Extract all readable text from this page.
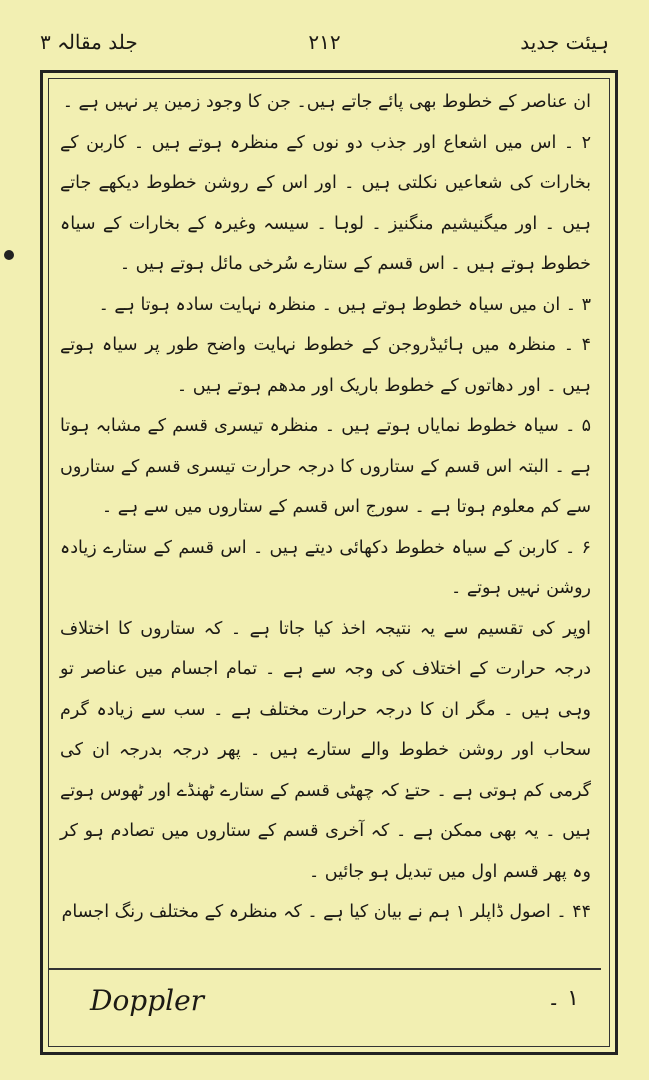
ہیئت جدید
۲۱۲
جلد مقالہ ۳

ان عناصر کے خطوط بھی پائے جاتے ہیں۔ جن کا وجود زمین پر نہیں ہے ۔

۲ ۔ اس میں اشعاع اور جذب دو نوں کے منظرہ ہوتے ہیں ۔ کاربن کے بخارات کی شعاعیں نکلتی ہیں ۔ اور اس کے روشن خطوط دیکھے جاتے ہیں ۔ اور میگنیشیم منگنیز ۔ لوہا ۔ سیسہ وغیرہ کے بخارات کے سیاہ خطوط ہوتے ہیں ۔ اس قسم کے ستارے سُرخی مائل ہوتے ہیں ۔

۳ ۔ ان میں سیاہ خطوط ہوتے ہیں ۔ منظرہ نہایت سادہ ہوتا ہے ۔

۴ ۔ منظرہ میں ہائیڈروجن کے خطوط نہایت واضح طور پر سیاہ ہوتے ہیں ۔ اور دھاتوں کے خطوط باریک اور مدھم ہوتے ہیں ۔

۵ ۔ سیاہ خطوط نمایاں ہوتے ہیں ۔ منظرہ تیسری قسم کے مشابہ ہوتا ہے ۔ البتہ اس قسم کے ستاروں کا درجہ حرارت تیسری قسم کے ستاروں سے کم معلوم ہوتا ہے ۔ سورج اس قسم کے ستاروں میں سے ہے ۔

۶ ۔ کاربن کے سیاہ خطوط دکھائی دیتے ہیں ۔ اس قسم کے ستارے زیادہ روشن نہیں ہوتے ۔

اوپر کی تقسیم سے یہ نتیجہ اخذ کیا جاتا ہے ۔ کہ ستاروں کا اختلاف درجہ حرارت کے اختلاف کی وجہ سے ہے ۔ تمام اجسام میں عناصر تو وہی ہیں ۔ مگر ان کا درجہ حرارت مختلف ہے ۔ سب سے زیادہ گرم سحاب اور روشن خطوط والے ستارے ہیں ۔ پھر درجہ بدرجہ ان کی گرمی کم ہوتی ہے ۔ حتےٰ کہ چھٹی قسم کے ستارے ٹھنڈے اور ٹھوس ہوتے ہیں ۔ یہ بھی ممکن ہے ۔ کہ آخری قسم کے ستاروں میں تصادم ہو کر وہ پھر قسم اول میں تبدیل ہو جائیں ۔

۴۴ ۔ اصول ڈاپلر ۱ ہم نے بیان کیا ہے ۔ کہ منظرہ کے مختلف رنگ اجسام

Doppler	۱ ۔
